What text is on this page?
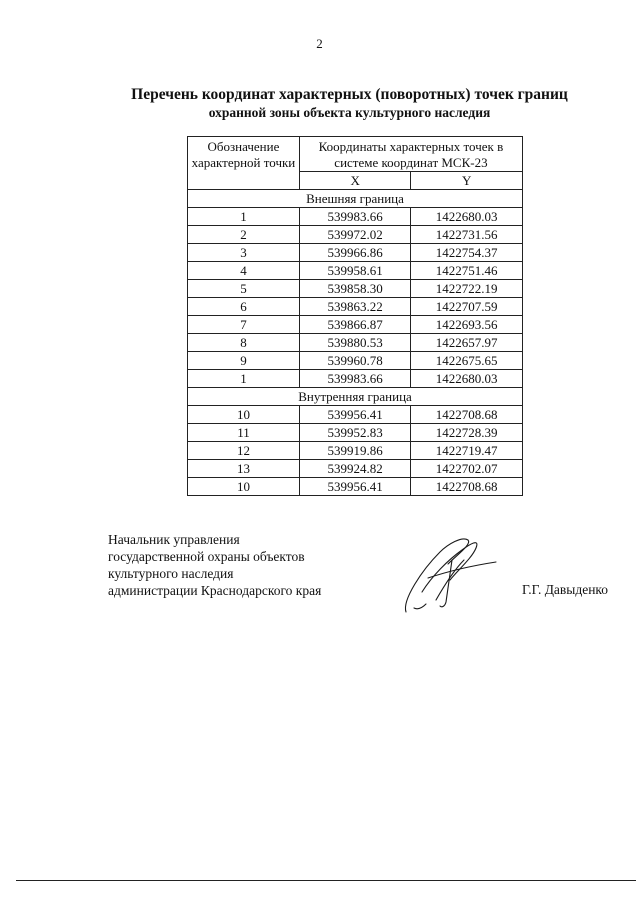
2
Перечень координат характерных (поворотных) точек границ
охранной зоны объекта культурного наследия
Обозначение характерной точки	Координаты характерных точек в системе координат МСК-23	
	X	Y
Внешняя граница		
1	539983.66	1422680.03
2	539972.02	1422731.56
3	539966.86	1422754.37
4	539958.61	1422751.46
5	539858.30	1422722.19
6	539863.22	1422707.59
7	539866.87	1422693.56
8	539880.53	1422657.97
9	539960.78	1422675.65
1	539983.66	1422680.03
Внутренняя граница		
10	539956.41	1422708.68
11	539952.83	1422728.39
12	539919.86	1422719.47
13	539924.82	1422702.07
10	539956.41	1422708.68
Начальник управления
государственной охраны объектов
культурного наследия
администрации Краснодарского края	Г.Г. Давыденко
